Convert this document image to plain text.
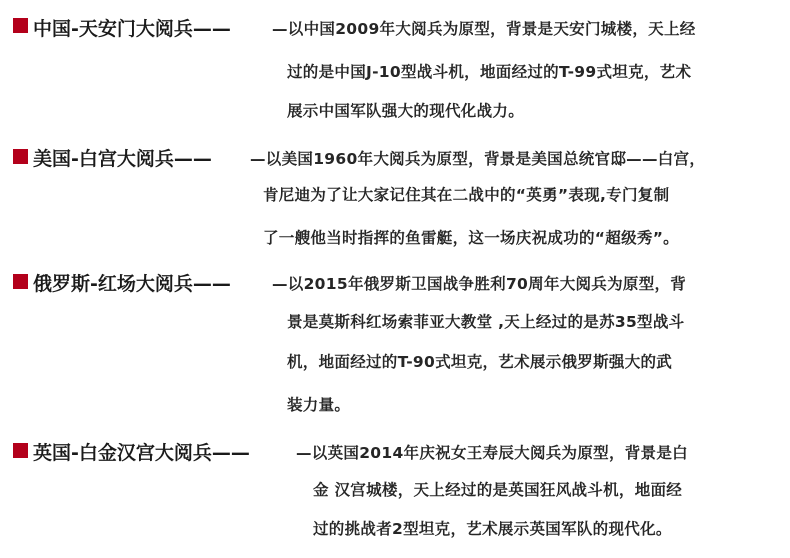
中国-天安门大阅兵——	—以中国2009年大阅兵为原型，背景是天安门城楼，天上经
过的是中国J-10型战斗机，地面经过的T-99式坦克，艺术
展示中国军队强大的现代化战力。
美国-白宫大阅兵—— —以美国1960年大阅兵为原型，背景是美国总统官邸——白宫，
肯尼迪为了让大家记住其在二战中的“英勇”表现,专门复制
了一艘他当时指挥的鱼雷艇，这一场庆祝成功的“超级秀”。
俄罗斯-红场大阅兵——	—以2015年俄罗斯卫国战争胜利70周年大阅兵为原型，背
景是莫斯科红场索菲亚大教堂 ,天上经过的是苏35型战斗
机，地面经过的T-90式坦克，艺术展示俄罗斯强大的武
装力量。
英国-白金汉宫大阅兵——	—以英国2014年庆祝女王寿辰大阅兵为原型，背景是白
金 汉宫城楼，天上经过的是英国狂风战斗机，地面经
过的挑战者2型坦克，艺术展示英国军队的现代化。
